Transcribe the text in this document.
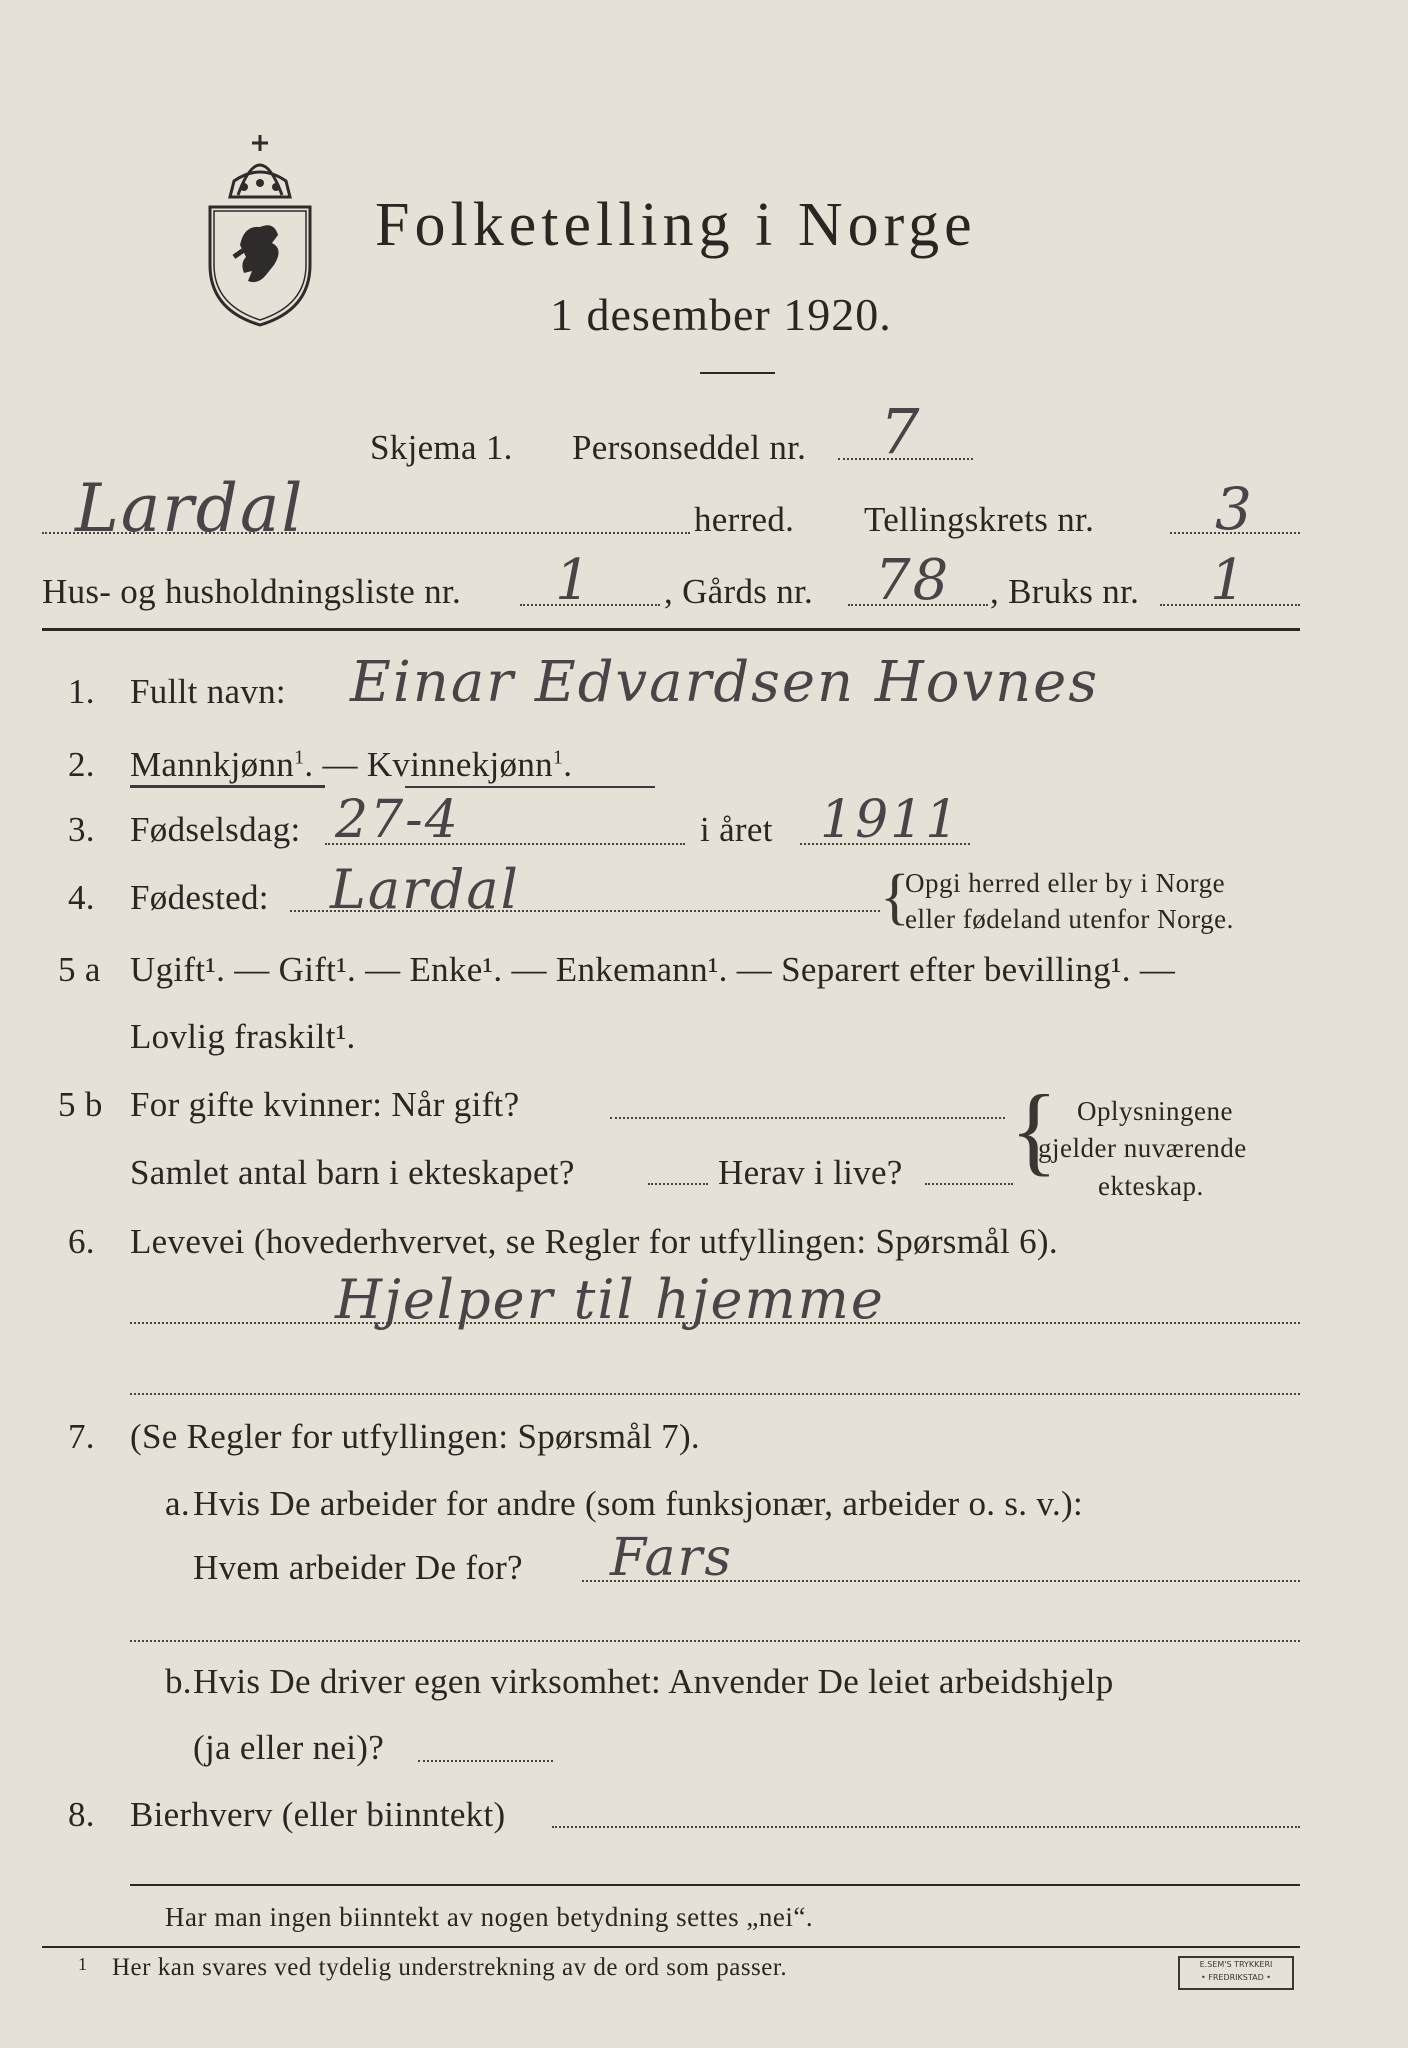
Folketelling i Norge
1 desember 1920.
Skjema 1. Personseddel nr. 7
Lardal	herred. Tellingskrets nr. 3
Hus- og husholdningsliste nr. 1 , Gårds nr. 78 , Bruks nr. 1
1. Fullt navn: Einar Edvardsen Hovnes
2. Mannkjønn$^1$. — Kvinnekjønn$^1$.
3. Fødselsdag: 27-4	i året 1911
4. Fødested: Lardal	{
Opgi herred eller by i Norge
eller fødeland utenfor Norge.
5 a Ugift¹. — Gift¹. — Enke¹. — Enkemann¹. — Separert efter bevilling¹. —
Lovlig fraskilt¹.
5 b For gifte kvinner: Når gift?
Samlet antal barn i ekteskapet?	Herav i live? { Oplysningene
gjelder nuværende
ekteskap.
6. Levevei (hovederhvervet, se Regler for utfyllingen: Spørsmål 6).
Hjelper til hjemme
7. (Se Regler for utfyllingen: Spørsmål 7).
a. Hvis De arbeider for andre (som funksjonær, arbeider o. s. v.):
Hvem arbeider De for? Fars
b. Hvis De driver egen virksomhet: Anvender De leiet arbeidshjelp
(ja eller nei)?
8. Bierhverv (eller biinntekt)
Har man ingen biinntekt av nogen betydning settes „nei“.
1 Her kan svares ved tydelig understrekning av de ord som passer.	E.SEM'S TRYKKERI
• FREDRIKSTAD •
